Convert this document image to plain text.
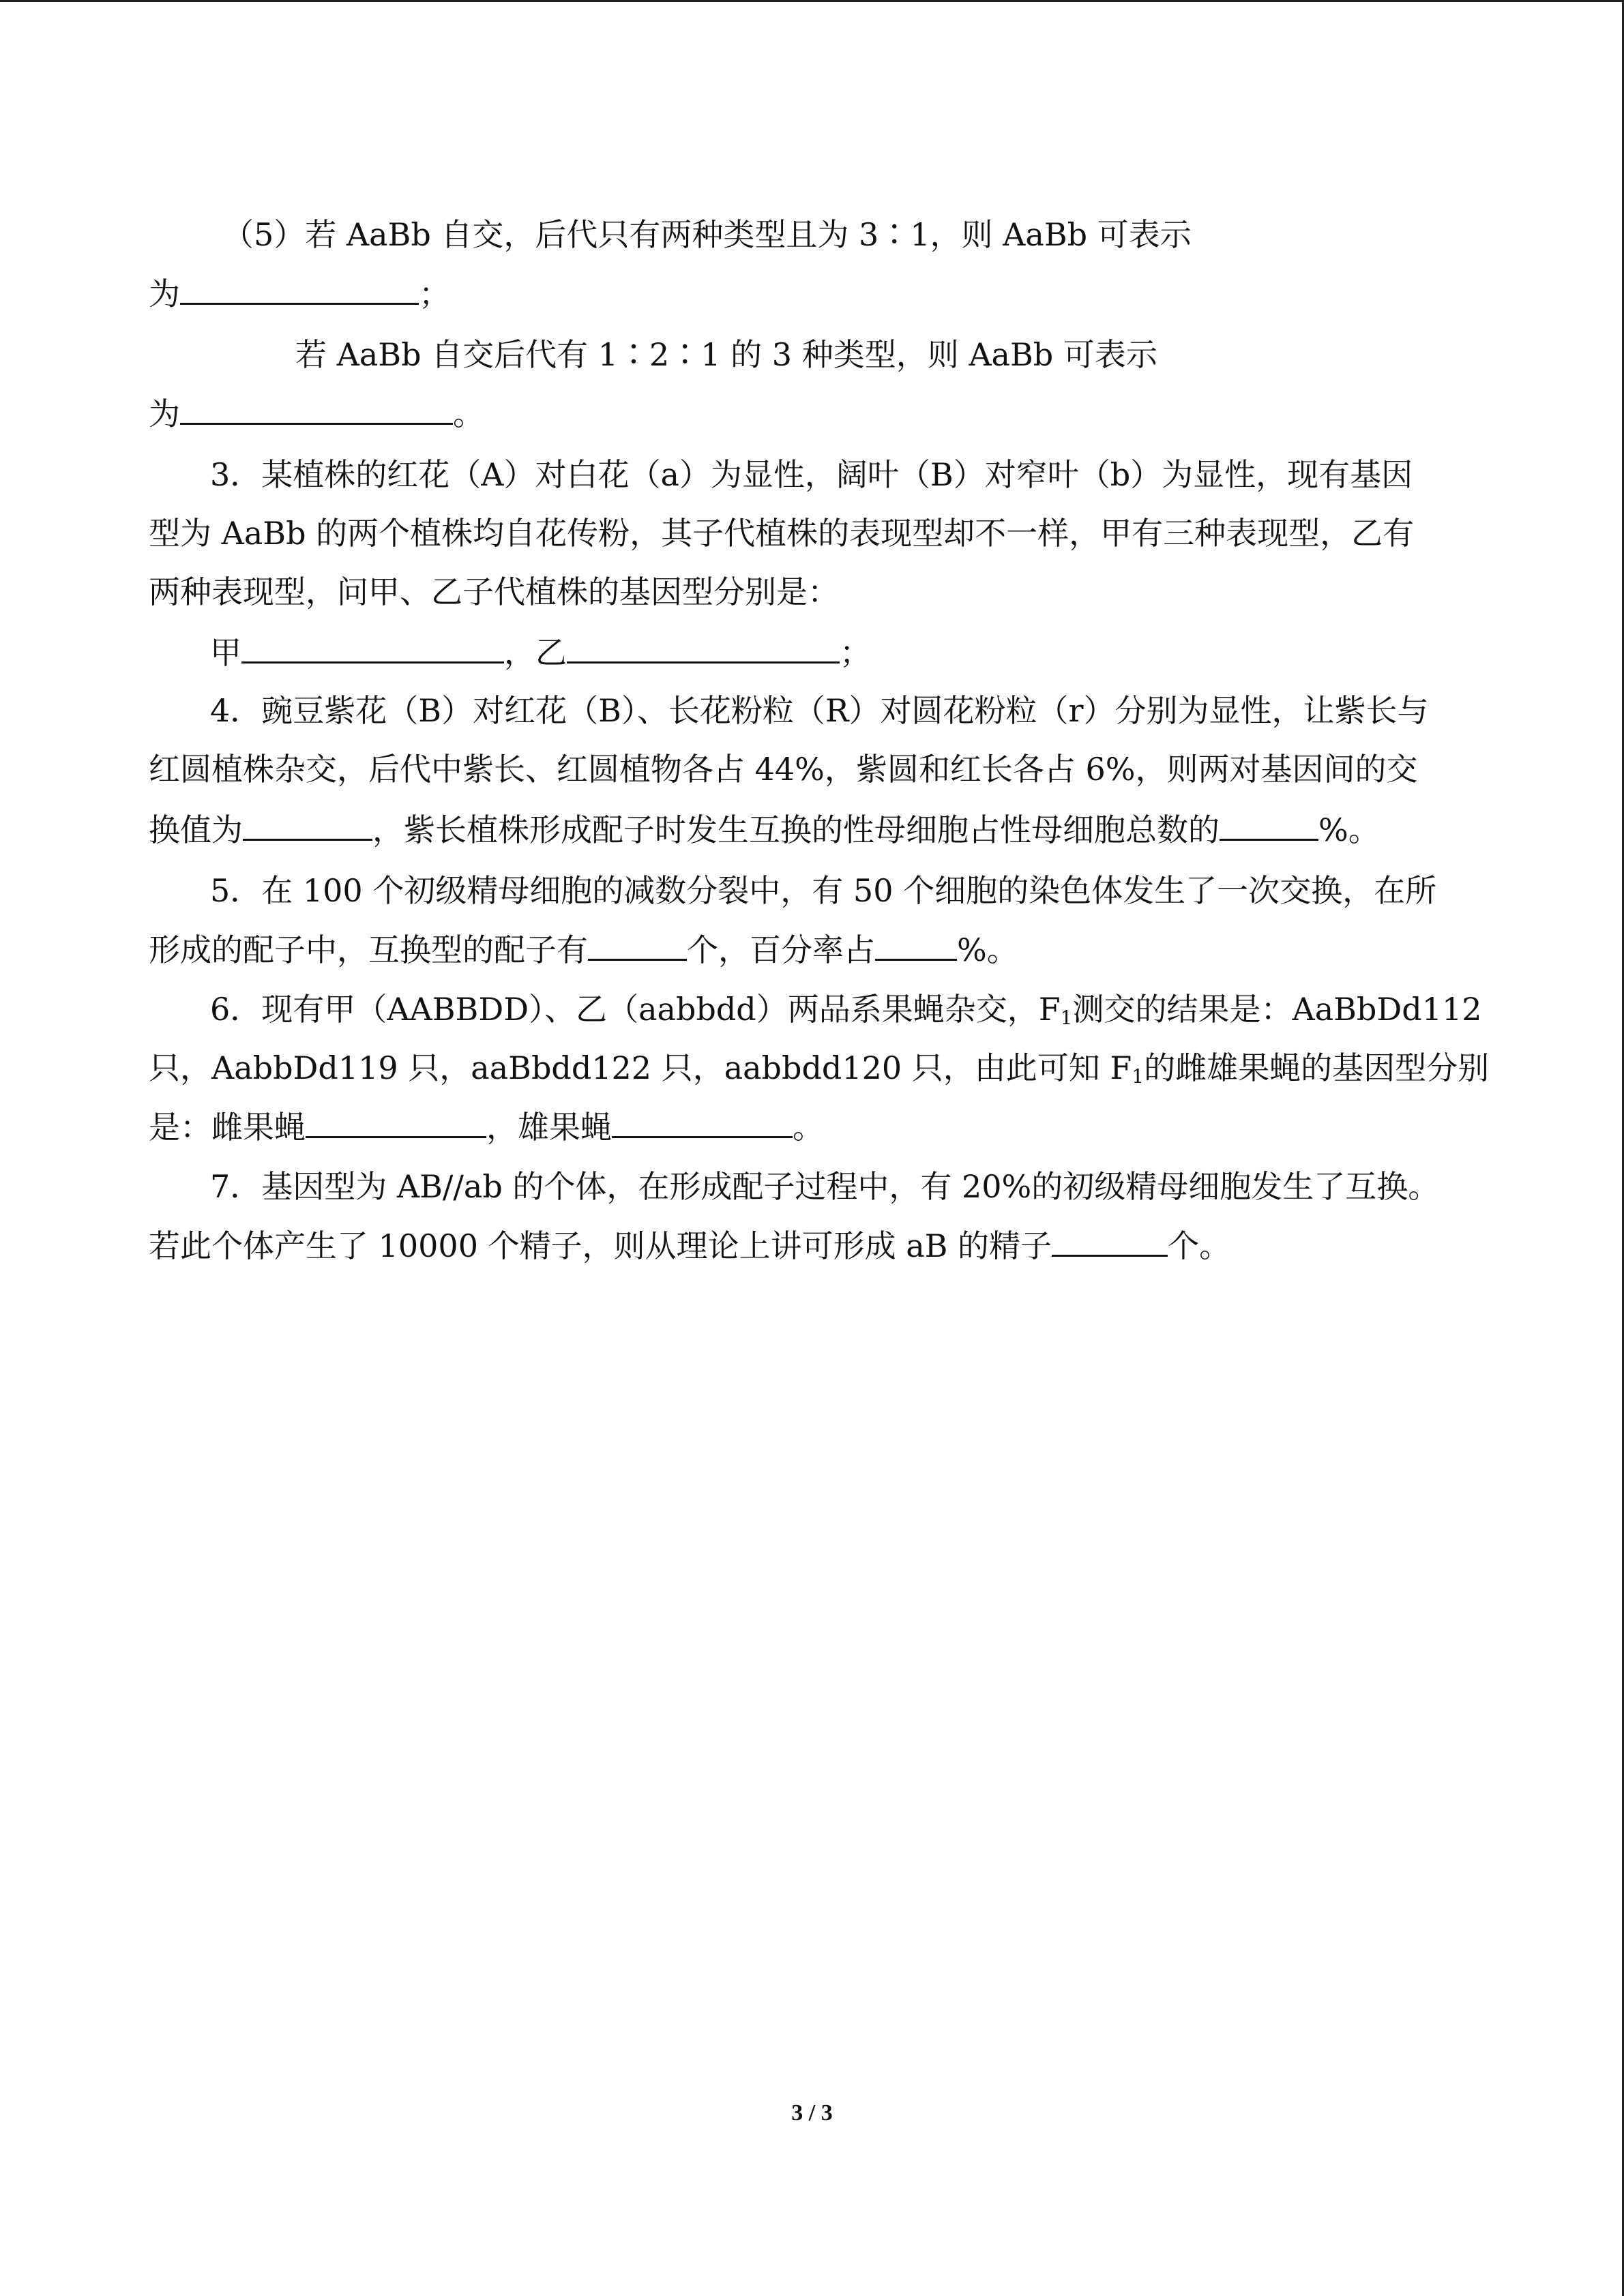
（5）若 AaBb 自交，后代只有两种类型且为 3∶1，则 AaBb 可表示
为	；
若 AaBb 自交后代有 1∶2∶1 的 3 种类型，则 AaBb 可表示
为	。
3．某植株的红花（A）对白花（a）为显性，阔叶（B）对窄叶（b）为显性，现有基因
型为 AaBb 的两个植株均自花传粉，其子代植株的表现型却不一样，甲有三种表现型，乙有
两种表现型，问甲、乙子代植株的基因型分别是：
甲	，乙	；
4．豌豆紫花（B）对红花（B）、长花粉粒（R）对圆花粉粒（r）分别为显性，让紫长与
红圆植株杂交，后代中紫长、红圆植物各占 44%，紫圆和红长各占 6%，则两对基因间的交
换值为	，紫长植株形成配子时发生互换的性母细胞占性母细胞总数的	%。
5．在 100 个初级精母细胞的减数分裂中，有 50 个细胞的染色体发生了一次交换，在所
形成的配子中，互换型的配子有	个，百分率占	%。
6．现有甲（AABBDD）、乙（aabbdd）两品系果蝇杂交，$F_1$测交的结果是：AaBbDd112
只，AabbDd119 只，aaBbdd122 只，aabbdd120 只，由此可知 $F_1$的雌雄果蝇的基因型分别
是：雌果蝇	，雄果蝇	。
7．基因型为 AB//ab 的个体，在形成配子过程中，有 20%的初级精母细胞发生了互换。
若此个体产生了 10000 个精子，则从理论上讲可形成 aB 的精子	个。
3 / 3
